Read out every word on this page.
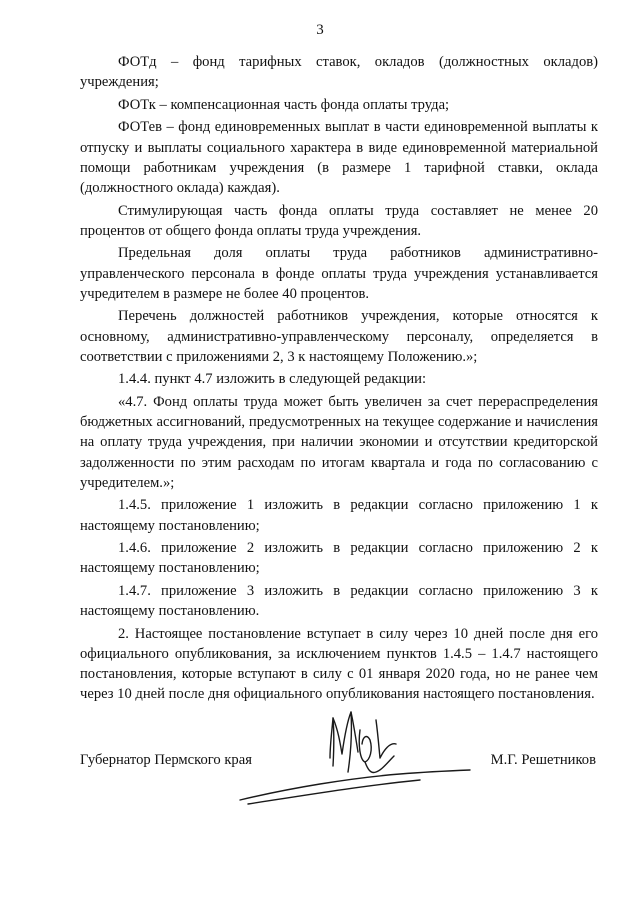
3

ФОТд – фонд тарифных ставок, окладов (должностных окладов) учреждения;

ФОТк – компенсационная часть фонда оплаты труда;

ФОТев – фонд единовременных выплат в части единовременной выплаты к отпуску и выплаты социального характера в виде единовременной материальной помощи работникам учреждения (в размере 1 тарифной ставки, оклада (должностного оклада) каждая).

Стимулирующая часть фонда оплаты труда составляет не менее 20 процентов от общего фонда оплаты труда учреждения.

Предельная доля оплаты труда работников административно-управленческого персонала в фонде оплаты труда учреждения устанавливается учредителем в размере не более 40 процентов.

Перечень должностей работников учреждения, которые относятся к основному, административно-управленческому персоналу, определяется в соответствии с приложениями 2, 3 к настоящему Положению.»;

1.4.4. пункт 4.7 изложить в следующей редакции:

«4.7. Фонд оплаты труда может быть увеличен за счет перераспределения бюджетных ассигнований, предусмотренных на текущее содержание и начисления на оплату труда учреждения, при наличии экономии и отсутствии кредиторской задолженности по этим расходам по итогам квартала и года по согласованию с учредителем.»;

1.4.5. приложение 1 изложить в редакции согласно приложению 1 к настоящему постановлению;

1.4.6. приложение 2 изложить в редакции согласно приложению 2 к настоящему постановлению;

1.4.7. приложение 3 изложить в редакции согласно приложению 3 к настоящему постановлению.

2. Настоящее постановление вступает в силу через 10 дней после дня его официального опубликования, за исключением пунктов 1.4.5 – 1.4.7 настоящего постановления, которые вступают в силу с 01 января 2020 года, но не ранее чем через 10 дней после дня официального опубликования настоящего постановления.

Губернатор Пермского края	М.Г. Решетников
